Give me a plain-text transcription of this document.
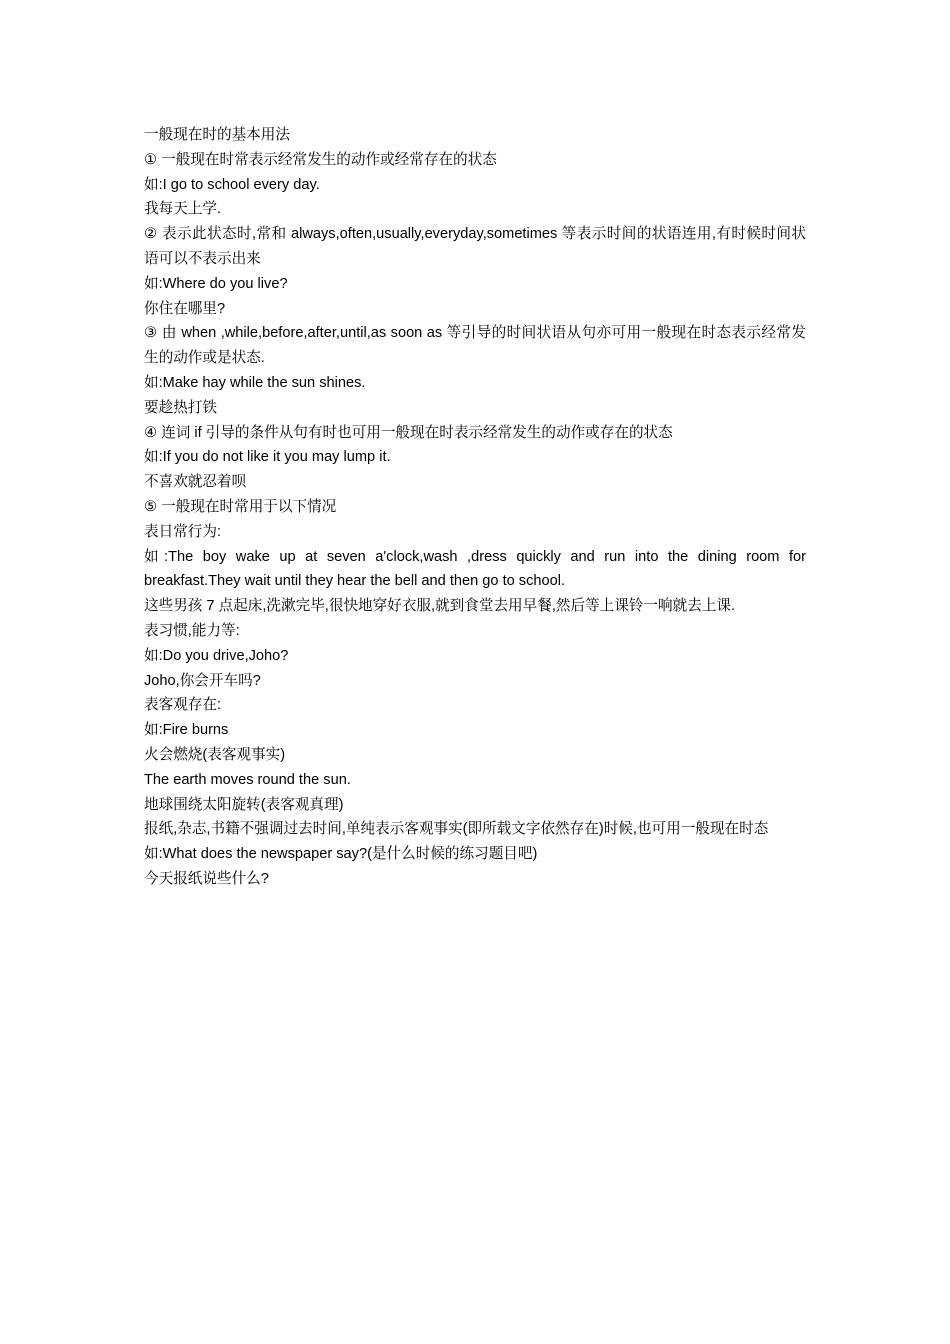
一般现在时的基本用法

① 一般现在时常表示经常发生的动作或经常存在的状态

如:I go to school every day.

我每天上学.

② 表示此状态时,常和 always,often,usually,everyday,sometimes 等表示时间的状语连用,有时候时间状语可以不表示出来

如:Where do you live?

你住在哪里?

③ 由 when ,while,before,after,until,as soon as 等引导的时间状语从句亦可用一般现在时态表示经常发生的动作或是状态.

如:Make hay while the sun shines.

要趁热打铁

④ 连词 if 引导的条件从句有时也可用一般现在时表示经常发生的动作或存在的状态

如:If you do not like it you may lump it.

不喜欢就忍着呗

⑤ 一般现在时常用于以下情况

表日常行为:

如:The boy wake up at seven a'clock,wash ,dress quickly and run into the dining room for breakfast.They wait until they hear the bell and then go to school.

这些男孩 7 点起床,洗漱完毕,很快地穿好衣服,就到食堂去用早餐,然后等上课铃一响就去上课.

表习惯,能力等:

如:Do you drive,Joho?

Joho,你会开车吗?

表客观存在:

如:Fire burns

火会燃烧(表客观事实)

The earth moves round the sun.

地球围绕太阳旋转(表客观真理)

报纸,杂志,书籍不强调过去时间,单纯表示客观事实(即所载文字依然存在)时候,也可用一般现在时态

如:What does the newspaper say?(是什么时候的练习题目吧)

今天报纸说些什么?
